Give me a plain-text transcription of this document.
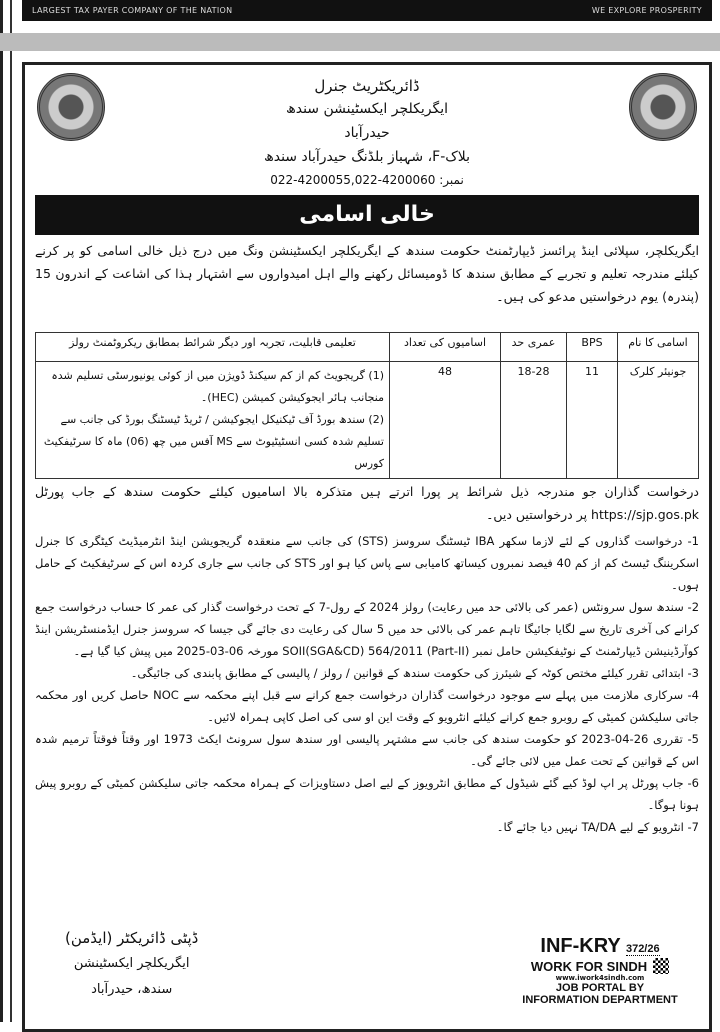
LARGEST TAX PAYER COMPANY OF THE NATION	WE EXPLORE PROSPERITY
ڈائریکٹریٹ جنرل
ایگریکلچر ایکسٹینشن سندھ
حیدرآباد
بلاک-F، شہباز بلڈنگ حیدرآباد سندھ
نمبر: 022-4200055,022-4200060
خالی اسامی
ایگریکلچر، سپلائی اینڈ پرائسز ڈیپارٹمنٹ حکومت سندھ کے ایگریکلچر ایکسٹینشن ونگ میں درج ذیل خالی اسامی کو پر کرنے کیلئے مندرجہ تعلیم و تجربے کے مطابق سندھ کا ڈومیسائل رکھنے والے اہل امیدواروں سے اشتہار ہذا کی اشاعت کے اندرون 15 (پندرہ) یوم درخواستیں مدعو کی ہیں۔
اسامی کا نام	BPS	عمری حد	اسامیوں کی تعداد	تعلیمی قابلیت، تجربہ اور دیگر شرائط بمطابق ریکروٹمنٹ رولز
جونیئر کلرک	11	18-28	48	(1) گریجویٹ کم از کم سیکنڈ ڈویژن میں از کوئی یونیورسٹی تسلیم شدہ منجانب ہائر ایجوکیشن کمیشن (HEC)۔
(2) سندھ بورڈ آف ٹیکنیکل ایجوکیشن / ٹریڈ ٹیسٹنگ بورڈ کی جانب سے تسلیم شدہ کسی انسٹیٹیوٹ سے MS آفس میں چھ (06) ماہ کا سرٹیفکیٹ کورس
درخواست گذاران جو مندرجہ ذیل شرائط پر پورا اترتے ہیں متذکرہ بالا اسامیوں کیلئے حکومت سندھ کے جاب پورٹل https://sjp.gos.pk پر درخواستیں دیں۔
1- درخواست گذاروں کے لئے لازما سکھر IBA ٹیسٹنگ سروسز (STS) کی جانب سے منعقدہ گریجویشن اینڈ انٹرمیڈیٹ کیٹگری کا جنرل اسکریننگ ٹیسٹ کم از کم 40 فیصد نمبروں کیساتھ کامیابی سے پاس کیا ہو اور STS کی جانب سے جاری کردہ اس کے سرٹیفکیٹ کے حامل ہوں۔
2- سندھ سول سرونٹس (عمر کی بالائی حد میں رعایت) رولز 2024 کے رول-7 کے تحت درخواست گذار کی عمر کا حساب درخواست جمع کرانے کی آخری تاریخ سے لگایا جائیگا تاہم عمر کی بالائی حد میں 5 سال کی رعایت دی جائے گی جیسا کہ سروسز جنرل ایڈمنسٹریشن اینڈ کوآرڈینیشن ڈیپارٹمنٹ کے نوٹیفکیشن حامل نمبر SOII(SGA&CD) 564/2011 (Part-II) مورخہ 06-03-2025 میں پیش کیا گیا ہے۔
3- ابتدائی تقرر کیلئے مختص کوٹہ کے شیئرز کی حکومت سندھ کے قوانین / رولز / پالیسی کے مطابق پابندی کی جائیگی۔
4- سرکاری ملازمت میں پہلے سے موجود درخواست گذاران درخواست جمع کرانے سے قبل اپنے محکمہ سے NOC حاصل کریں اور محکمہ جاتی سلیکشن کمیٹی کے روبرو جمع کرانے کیلئے انٹرویو کے وقت این او سی کی اصل کاپی ہمراہ لائیں۔
5- تقرری 26-04-2023 کو حکومت سندھ کی جانب سے مشتہر پالیسی اور سندھ سول سرونٹ ایکٹ 1973 اور وقتاً فوقتاً ترمیم شدہ اس کے قوانین کے تحت عمل میں لائی جائے گی۔
6- جاب پورٹل پر اپ لوڈ کیے گئے شیڈول کے مطابق انٹرویوز کے لیے اصل دستاویزات کے ہمراہ محکمہ جاتی سلیکشن کمیٹی کے روبرو پیش ہونا ہوگا۔
7- انٹرویو کے لیے TA/DA نہیں دیا جائے گا۔
ڈپٹی ڈائریکٹر (ایڈمن)
ایگریکلچر ایکسٹینشن
سندھ، حیدرآباد
INF-KRY 372/26
WORK FOR SINDH
www.iwork4sindh.com
JOB PORTAL BY
INFORMATION DEPARTMENT
